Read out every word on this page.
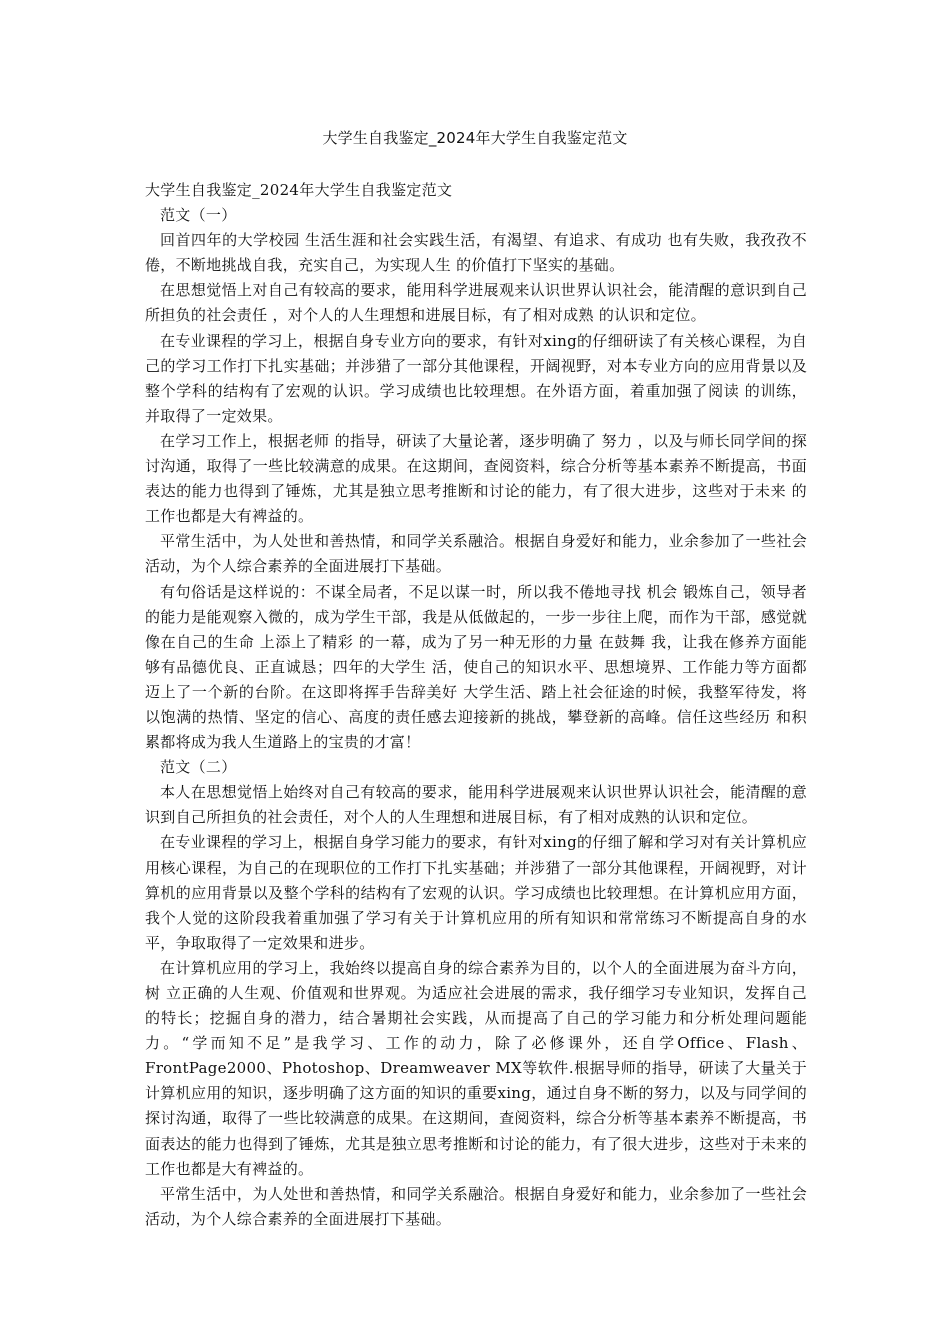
大学生自我鉴定_2024年大学生自我鉴定范文

大学生自我鉴定_2024年大学生自我鉴定范文

范文（一）

回首四年的大学校园 生活生涯和社会实践生活，有渴望、有追求、有成功 也有失败，我孜孜不倦，不断地挑战自我，充实自己，为实现人生 的价值打下坚实的基础。

在思想觉悟上对自己有较高的要求，能用科学进展观来认识世界认识社会，能清醒的意识到自己所担负的社会责任 ，对个人的人生理想和进展目标，有了相对成熟 的认识和定位。

在专业课程的学习上，根据自身专业方向的要求，有针对xing的仔细研读了有关核心课程，为自己的学习工作打下扎实基础；并涉猎了一部分其他课程，开阔视野，对本专业方向的应用背景以及整个学科的结构有了宏观的认识。学习成绩也比较理想。在外语方面，着重加强了阅读 的训练，并取得了一定效果。

在学习工作上，根据老师 的指导，研读了大量论著，逐步明确了 努力 ，以及与师长同学间的探讨沟通，取得了一些比较满意的成果。在这期间，查阅资料，综合分析等基本素养不断提高，书面表达的能力也得到了锤炼，尤其是独立思考推断和讨论的能力，有了很大进步，这些对于未来 的工作也都是大有裨益的。

平常生活中，为人处世和善热情，和同学关系融洽。根据自身爱好和能力，业余参加了一些社会活动，为个人综合素养的全面进展打下基础。

有句俗话是这样说的：不谋全局者，不足以谋一时，所以我不倦地寻找 机会 锻炼自己，领导者的能力是能观察入微的，成为学生干部，我是从低做起的，一步一步往上爬，而作为干部，感觉就像在自己的生命 上添上了精彩 的一幕，成为了另一种无形的力量 在鼓舞 我，让我在修养方面能够有品德优良、正直诚恳；四年的大学生 活，使自己的知识水平、思想境界、工作能力等方面都迈上了一个新的台阶。在这即将挥手告辞美好 大学生活、踏上社会征途的时候，我整军待发，将以饱满的热情、坚定的信心、高度的责任感去迎接新的挑战，攀登新的高峰。信任这些经历 和积累都将成为我人生道路上的宝贵的才富！

范文（二）

本人在思想觉悟上始终对自己有较高的要求，能用科学进展观来认识世界认识社会，能清醒的意识到自己所担负的社会责任，对个人的人生理想和进展目标，有了相对成熟的认识和定位。

在专业课程的学习上，根据自身学习能力的要求，有针对xing的仔细了解和学习对有关计算机应用核心课程，为自己的在现职位的工作打下扎实基础；并涉猎了一部分其他课程，开阔视野，对计算机的应用背景以及整个学科的结构有了宏观的认识。学习成绩也比较理想。在计算机应用方面，我个人觉的这阶段我着重加强了学习有关于计算机应用的所有知识和常常练习不断提高自身的水平，争取取得了一定效果和进步。

在计算机应用的学习上，我始终以提高自身的综合素养为目的，以个人的全面进展为奋斗方向，树 立正确的人生观、价值观和世界观。为适应社会进展的需求，我仔细学习专业知识，发挥自己的特长；挖掘自身的潜力，结合暑期社会实践，从而提高了自己的学习能力和分析处理问题能力。“学而知不足”是我学习、工作的动力，除了必修课外，还自学Office、Flash、FrontPage2000、Photoshop、Dreamweaver MX等软件.根据导师的指导，研读了大量关于计算机应用的知识，逐步明确了这方面的知识的重要xing，通过自身不断的努力，以及与同学间的探讨沟通，取得了一些比较满意的成果。在这期间，查阅资料，综合分析等基本素养不断提高，书面表达的能力也得到了锤炼，尤其是独立思考推断和讨论的能力，有了很大进步，这些对于未来的工作也都是大有裨益的。

平常生活中，为人处世和善热情，和同学关系融洽。根据自身爱好和能力，业余参加了一些社会活动，为个人综合素养的全面进展打下基础。
